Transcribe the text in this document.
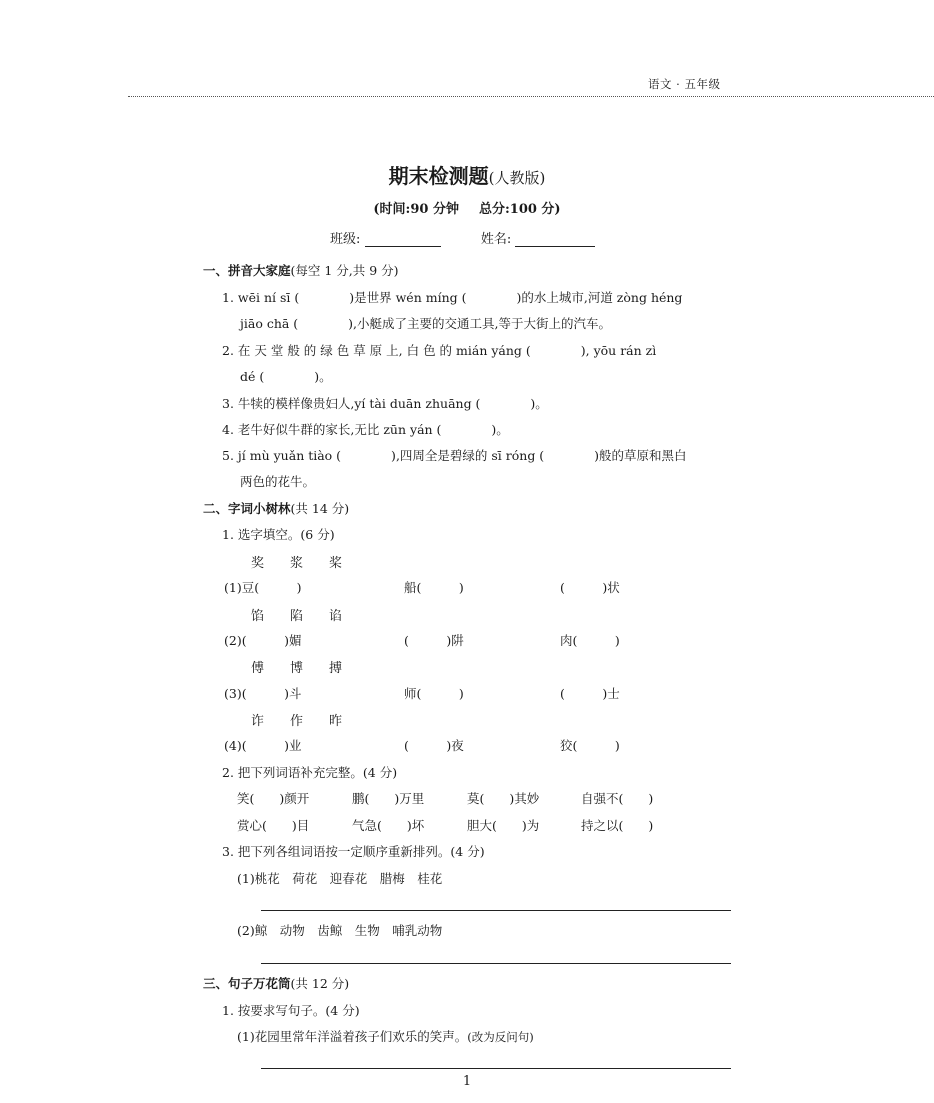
语文 · 五年级
期末检测题(人教版)
(时间:90 分钟 总分:100 分)
班级:	姓名:
一、拼音大家庭(每空 1 分,共 9 分)
1. wēi ní sī (　　　　)是世界 wén míng (　　　　)的水上城市,河道 zòng héng
jiāo chā (　　　　),小艇成了主要的交通工具,等于大街上的汽车。
2. 在 天 堂 般 的 绿 色 草 原 上, 白 色 的 mián yáng (　　　　), yōu rán zì
dé (　　　　)。
3. 牛犊的模样像贵妇人,yí tài duān zhuāng (　　　　)。
4. 老牛好似牛群的家长,无比 zūn yán (　　　　)。
5. jí mù yuǎn tiào (　　　　),四周全是碧绿的 sī róng (　　　　)般的草原和黑白
两色的花牛。
二、字词小树林(共 14 分)
1. 选字填空。(6 分)
奖　　浆　　桨
(1)豆(　　　)	船(　　　)	(　　　)状
馅　　陷　　谄
(2)(　　　)媚	(　　　)阱	肉(　　　)
傅　　博　　搏
(3)(　　　)斗	师(　　　)	(　　　)士
诈　　作　　昨
(4)(　　　)业	(　　　)夜	狡(　　　)
2. 把下列词语补充完整。(4 分)
笑(　　)颜开	鹏(　　)万里	莫(　　)其妙	自强不(　　)
赏心(　　)目	气急(　　)坏	胆大(　　)为	持之以(　　)
3. 把下列各组词语按一定顺序重新排列。(4 分)
(1)桃花　荷花　迎春花　腊梅　桂花
(2)鲸　动物　齿鲸　生物　哺乳动物
三、句子万花筒(共 12 分)
1. 按要求写句子。(4 分)
(1)花园里常年洋溢着孩子们欢乐的笑声。(改为反问句)
1
